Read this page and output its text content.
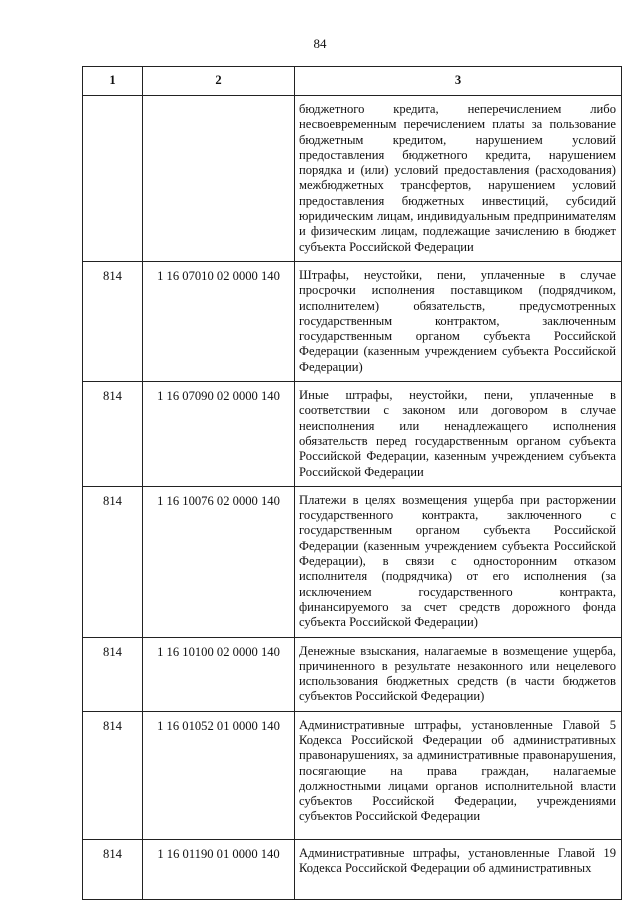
84
1	2	3
		бюджетного кредита, неперечислением либо несвоевременным перечислением платы за пользование бюджетным кредитом, нарушением условий предоставления бюджетного кредита, нарушением порядка и (или) условий предоставления (расходования) межбюджетных трансфертов, нарушением условий предоставления бюджетных инвестиций, субсидий юридическим лицам, индивидуальным предпринимателям и физическим лицам, подлежащие зачислению в бюджет субъекта Российской Федерации
814	1 16 07010 02 0000 140	Штрафы, неустойки, пени, уплаченные в случае просрочки исполнения поставщиком (подрядчиком, исполнителем) обязательств, предусмотренных государственным контрактом, заключенным государственным органом субъекта Российской Федерации (казенным учреждением субъекта Российской Федерации)
814	1 16 07090 02 0000 140	Иные штрафы, неустойки, пени, уплаченные в соответствии с законом или договором в случае неисполнения или ненадлежащего исполнения обязательств перед государственным органом субъекта Российской Федерации, казенным учреждением субъекта Российской Федерации
814	1 16 10076 02 0000 140	Платежи в целях возмещения ущерба при расторжении государственного контракта, заключенного с государственным органом субъекта Российской Федерации (казенным учреждением субъекта Российской Федерации), в связи с односторонним отказом исполнителя (подрядчика) от его исполнения (за исключением государственного контракта, финансируемого за счет средств дорожного фонда субъекта Российской Федерации)
814	1 16 10100 02 0000 140	Денежные взыскания, налагаемые в возмещение ущерба, причиненного в результате незаконного или нецелевого использования бюджетных средств (в части бюджетов субъектов Российской Федерации)
814	1 16 01052 01 0000 140	Административные штрафы, установленные Главой 5 Кодекса Российской Федерации об административных правонарушениях, за административные правонарушения, посягающие на права граждан, налагаемые должностными лицами органов исполнительной власти субъектов Российской Федерации, учреждениями субъектов Российской Федерации
814	1 16 01190 01 0000 140	Административные штрафы, установленные Главой 19 Кодекса Российской Федерации об административных
